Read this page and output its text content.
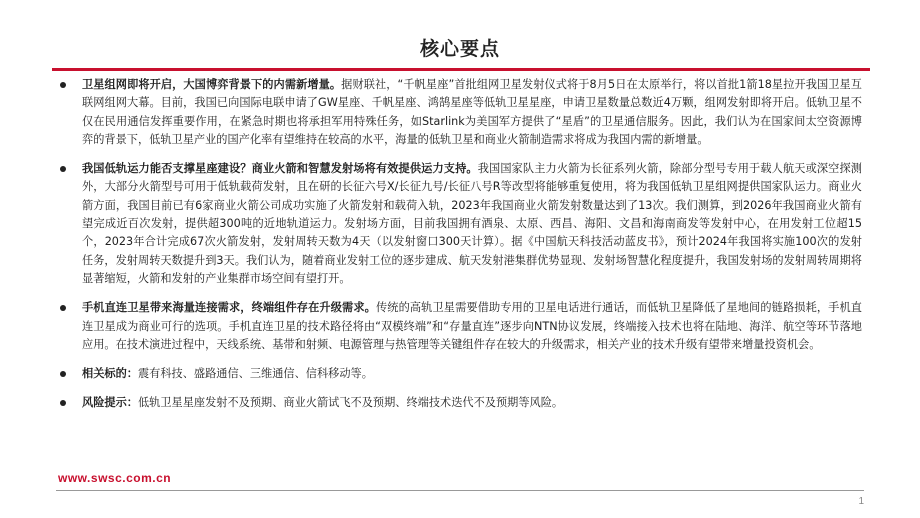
核心要点
卫星组网即将开启，大国博弈背景下的内需新增量。据财联社，“千帆星座”首批组网卫星发射仪式将于8月5日在太原举行，将以首批1箭18星拉开我国卫星互联网组网大幕。目前，我国已向国际电联申请了GW星座、千帆星座、鸿鹄星座等低轨卫星星座，申请卫星数量总数近4万颗，组网发射即将开启。低轨卫星不仅在民用通信发挥重要作用，在紧急时期也将承担军用特殊任务，如Starlink为美国军方提供了“星盾”的卫星通信服务。因此，我们认为在国家间太空资源博弈的背景下，低轨卫星产业的国产化率有望维持在较高的水平，海量的低轨卫星和商业火箭制造需求将成为我国内需的新增量。
我国低轨运力能否支撑星座建设？商业火箭和智慧发射场将有效提供运力支持。我国国家队主力火箭为长征系列火箭，除部分型号专用于载人航天或深空探测外，大部分火箭型号可用于低轨载荷发射，且在研的长征六号X/长征九号/长征八号R等改型将能够重复使用，将为我国低轨卫星组网提供国家队运力。商业火箭方面，我国目前已有6家商业火箭公司成功实施了火箭发射和载荷入轨，2023年我国商业火箭发射数量达到了13次。我们测算，到2026年我国商业火箭有望完成近百次发射，提供超300吨的近地轨道运力。发射场方面，目前我国拥有酒泉、太原、西昌、海阳、文昌和海南商发等发射中心，在用发射工位超15个，2023年合计完成67次火箭发射，发射周转天数为4天（以发射窗口300天计算）。据《中国航天科技活动蓝皮书》，预计2024年我国将实施100次的发射任务，发射周转天数提升到3天。我们认为，随着商业发射工位的逐步建成、航天发射港集群优势显现、发射场智慧化程度提升，我国发射场的发射周转周期将显著缩短，火箭和发射的产业集群市场空间有望打开。
手机直连卫星带来海量连接需求，终端组件存在升级需求。传统的高轨卫星需要借助专用的卫星电话进行通话，而低轨卫星降低了星地间的链路损耗，手机直连卫星成为商业可行的选项。手机直连卫星的技术路径将由“双模终端”和“存量直连”逐步向NTN协议发展，终端接入技术也将在陆地、海洋、航空等环节落地应用。在技术演进过程中，天线系统、基带和射频、电源管理与热管理等关键组件存在较大的升级需求，相关产业的技术升级有望带来增量投资机会。
相关标的：震有科技、盛路通信、三维通信、信科移动等。
风险提示：低轨卫星星座发射不及预期、商业火箭试飞不及预期、终端技术迭代不及预期等风险。
www.swsc.com.cn
1
